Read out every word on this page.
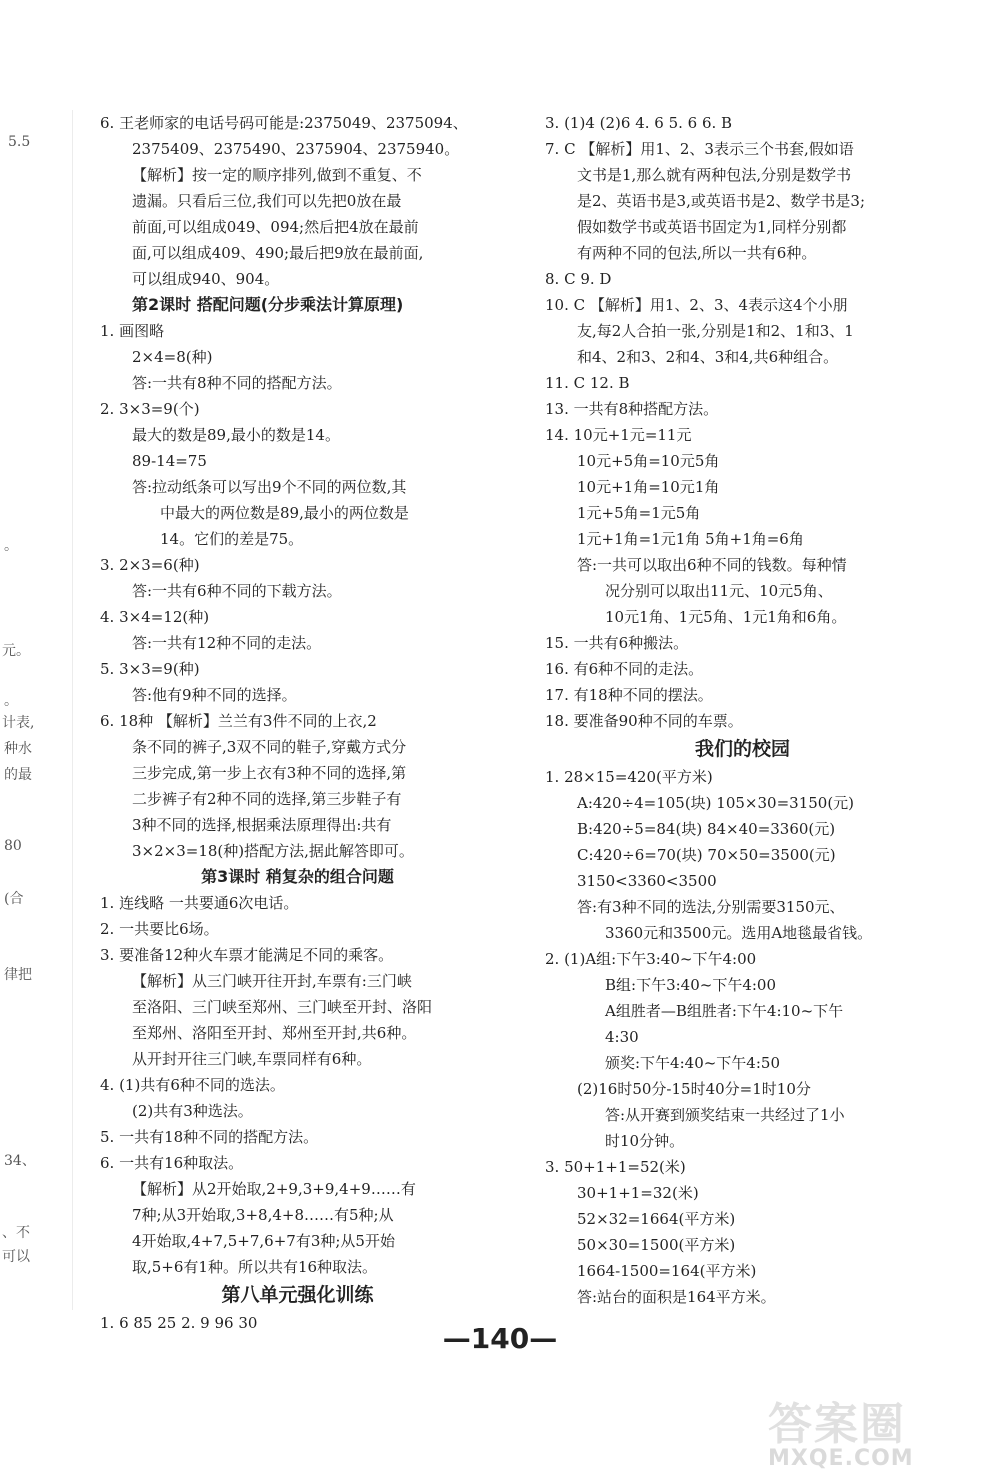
5.5
。
元。
。
计表,
种水
的最
80
(合
律把
34、
、不
可以
6. 王老师家的电话号码可能是:2375049、2375094、
2375409、2375490、2375904、2375940。
【解析】按一定的顺序排列,做到不重复、不
遗漏。只看后三位,我们可以先把0放在最
前面,可以组成049、094;然后把4放在最前
面,可以组成409、490;最后把9放在最前面,
可以组成940、904。
第2课时 搭配问题(分步乘法计算原理)
1. 画图略
2×4=8(种)
答:一共有8种不同的搭配方法。
2. 3×3=9(个)
最大的数是89,最小的数是14。
89-14=75
答:拉动纸条可以写出9个不同的两位数,其
中最大的两位数是89,最小的两位数是
14。它们的差是75。
3. 2×3=6(种)
答:一共有6种不同的下载方法。
4. 3×4=12(种)
答:一共有12种不同的走法。
5. 3×3=9(种)
答:他有9种不同的选择。
6. 18种 【解析】兰兰有3件不同的上衣,2
条不同的裤子,3双不同的鞋子,穿戴方式分
三步完成,第一步上衣有3种不同的选择,第
二步裤子有2种不同的选择,第三步鞋子有
3种不同的选择,根据乘法原理得出:共有
3×2×3=18(种)搭配方法,据此解答即可。
第3课时 稍复杂的组合问题
1. 连线略 一共要通6次电话。
2. 一共要比6场。
3. 要准备12种火车票才能满足不同的乘客。
【解析】从三门峡开往开封,车票有:三门峡
至洛阳、三门峡至郑州、三门峡至开封、洛阳
至郑州、洛阳至开封、郑州至开封,共6种。
从开封开往三门峡,车票同样有6种。
4. (1)共有6种不同的选法。
(2)共有3种选法。
5. 一共有18种不同的搭配方法。
6. 一共有16种取法。
【解析】从2开始取,2+9,3+9,4+9……有
7种;从3开始取,3+8,4+8……有5种;从
4开始取,4+7,5+7,6+7有3种;从5开始
取,5+6有1种。所以共有16种取法。
第八单元强化训练
1. 6 85 25 2. 9 96 30
3. (1)4 (2)6 4. 6 5. 6 6. B
7. C 【解析】用1、2、3表示三个书套,假如语
文书是1,那么就有两种包法,分别是数学书
是2、英语书是3,或英语书是2、数学书是3;
假如数学书或英语书固定为1,同样分别都
有两种不同的包法,所以一共有6种。
8. C 9. D
10. C 【解析】用1、2、3、4表示这4个小朋
友,每2人合拍一张,分别是1和2、1和3、1
和4、2和3、2和4、3和4,共6种组合。
11. C 12. B
13. 一共有8种搭配方法。
14. 10元+1元=11元
10元+5角=10元5角
10元+1角=10元1角
1元+5角=1元5角
1元+1角=1元1角 5角+1角=6角
答:一共可以取出6种不同的钱数。每种情
况分别可以取出11元、10元5角、
10元1角、1元5角、1元1角和6角。
15. 一共有6种搬法。
16. 有6种不同的走法。
17. 有18种不同的摆法。
18. 要准备90种不同的车票。
我们的校园
1. 28×15=420(平方米)
A:420÷4=105(块) 105×30=3150(元)
B:420÷5=84(块) 84×40=3360(元)
C:420÷6=70(块) 70×50=3500(元)
3150<3360<3500
答:有3种不同的选法,分别需要3150元、
3360元和3500元。选用A地毯最省钱。
2. (1)A组:下午3:40~下午4:00
B组:下午3:40~下午4:00
A组胜者—B组胜者:下午4:10~下午
4:30
颁奖:下午4:40~下午4:50
(2)16时50分-15时40分=1时10分
答:从开赛到颁奖结束一共经过了1小
时10分钟。
3. 50+1+1=52(米)
30+1+1=32(米)
52×32=1664(平方米)
50×30=1500(平方米)
1664-1500=164(平方米)
答:站台的面积是164平方米。
—140—
答案圈
MXQE.COM
